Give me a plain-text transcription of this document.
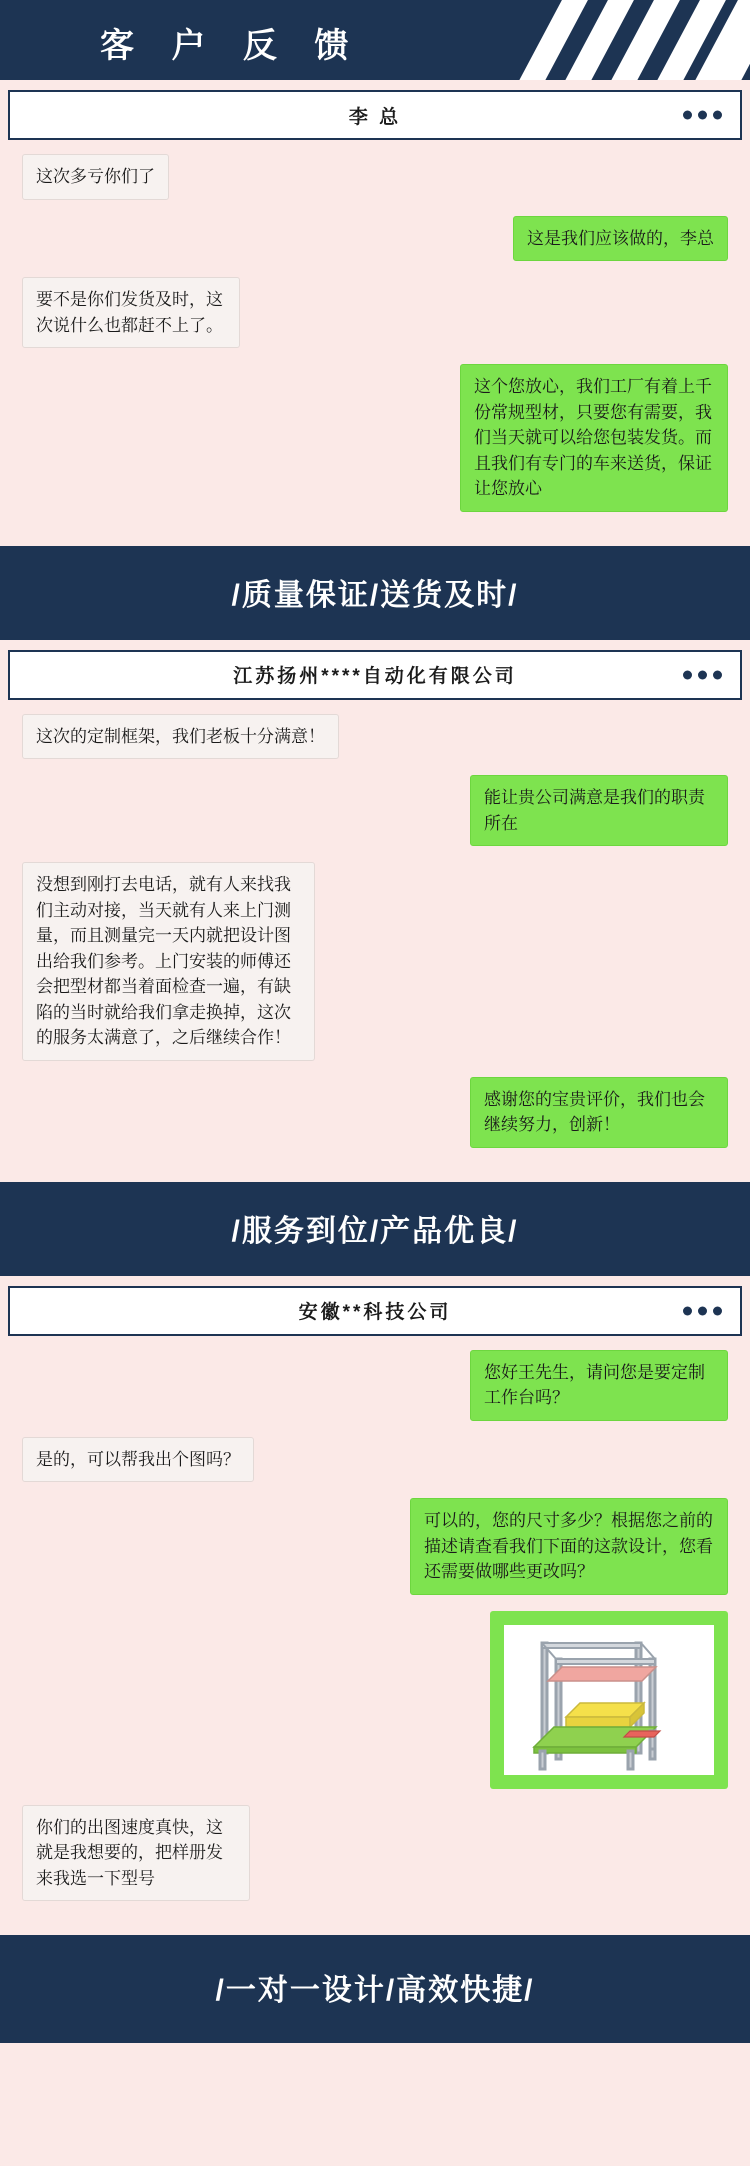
客 户 反 馈
李 总
这次多亏你们了
这是我们应该做的，李总
要不是你们发货及时，这次说什么也都赶不上了。
这个您放心，我们工厂有着上千份常规型材，只要您有需要，我们当天就可以给您包装发货。而且我们有专门的车来送货，保证让您放心
/质量保证/送货及时/
江苏扬州****自动化有限公司
这次的定制框架，我们老板十分满意！
能让贵公司满意是我们的职责所在
没想到刚打去电话，就有人来找我们主动对接，当天就有人来上门测量，而且测量完一天内就把设计图出给我们参考。上门安装的师傅还会把型材都当着面检查一遍，有缺陷的当时就给我们拿走换掉，这次的服务太满意了，之后继续合作！
感谢您的宝贵评价，我们也会继续努力，创新！
/服务到位/产品优良/
安徽**科技公司
您好王先生，请问您是要定制工作台吗？
是的，可以帮我出个图吗？
可以的，您的尺寸多少？根据您之前的描述请查看我们下面的这款设计，您看还需要做哪些更改吗？
你们的出图速度真快，这就是我想要的，把样册发来我选一下型号
/一对一设计/高效快捷/
